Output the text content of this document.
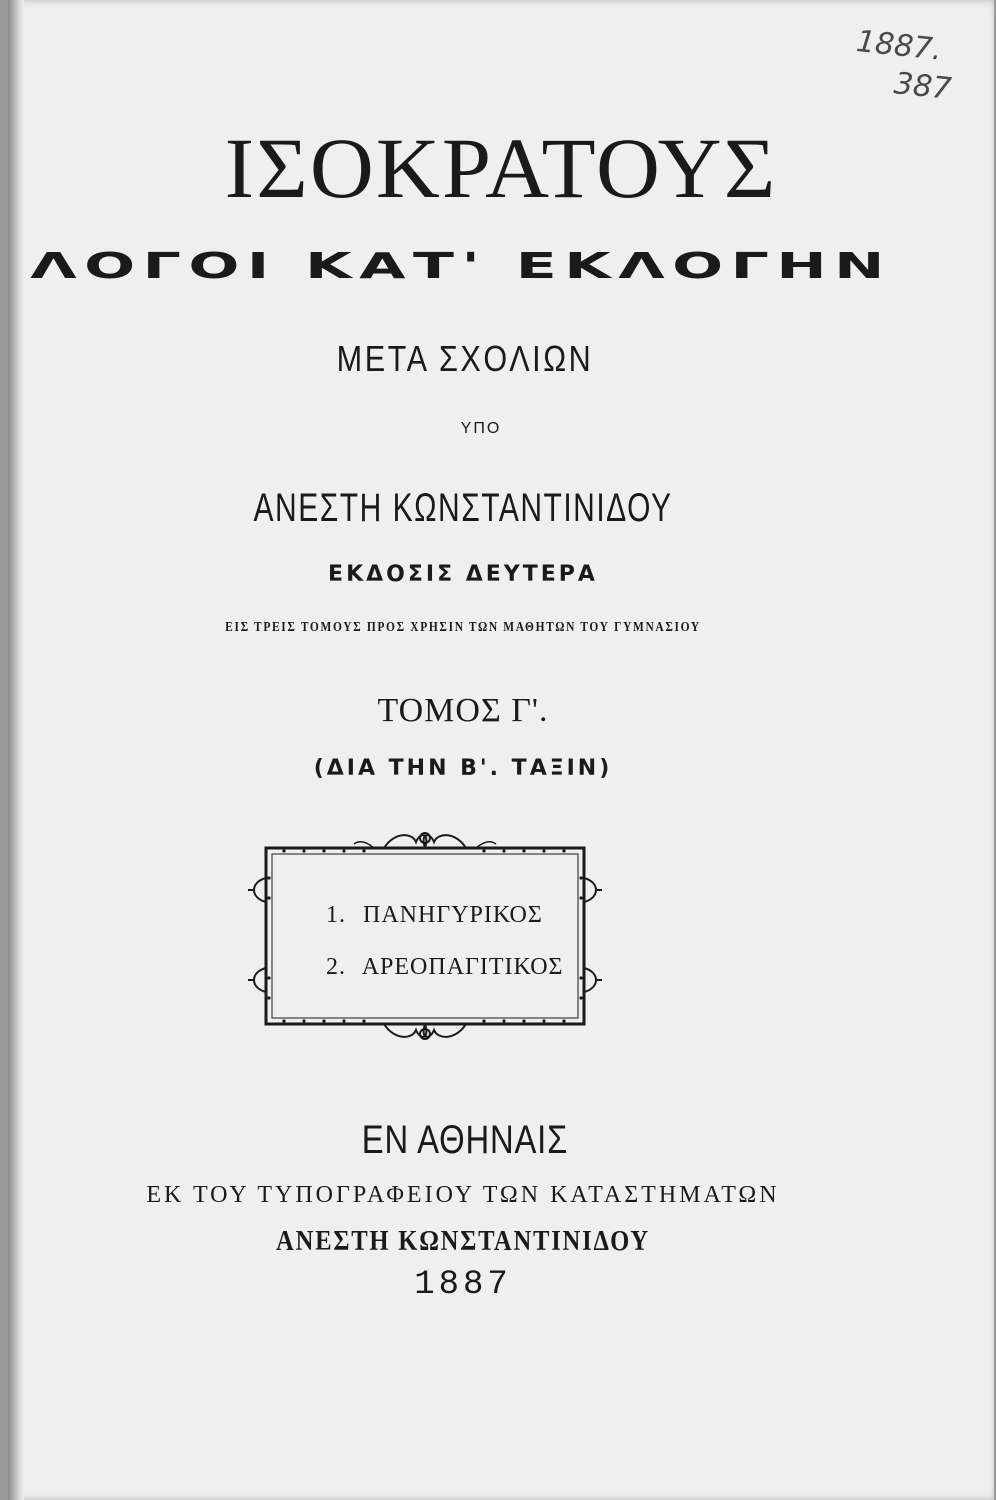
1887.
387
ΙΣΟΚΡΑΤΟΥΣ
ΛΟΓΟΙ ΚΑΤ' ΕΚΛΟΓΗΝ
ΜΕΤΑ ΣΧΟΛΙΩΝ
ΥΠΟ
ΑΝΕΣΤΗ ΚΩΝΣΤΑΝΤΙΝΙΔΟΥ
ΕΚΔΟΣΙΣ ΔΕΥΤΕΡΑ
ΕΙΣ ΤΡΕΙΣ ΤΟΜΟΥΣ ΠΡΟΣ ΧΡΗΣΙΝ ΤΩΝ ΜΑΘΗΤΩΝ ΤΟΥ ΓΥΜΝΑΣΙΟΥ
ΤΟΜΟΣ Γ'.
(ΔΙΑ ΤΗΝ Β'. ΤΑΞΙΝ)
1. ΠΑΝΗΓΥΡΙΚΟΣ
2. ΑΡΕΟΠΑΓΙΤΙΚΟΣ
ΕΝ ΑΘΗΝΑΙΣ
ΕΚ ΤΟΥ ΤΥΠΟΓΡΑΦΕΙΟΥ ΤΩΝ ΚΑΤΑΣΤΗΜΑΤΩΝ
ΑΝΕΣΤΗ ΚΩΝΣΤΑΝΤΙΝΙΔΟΥ
1887
